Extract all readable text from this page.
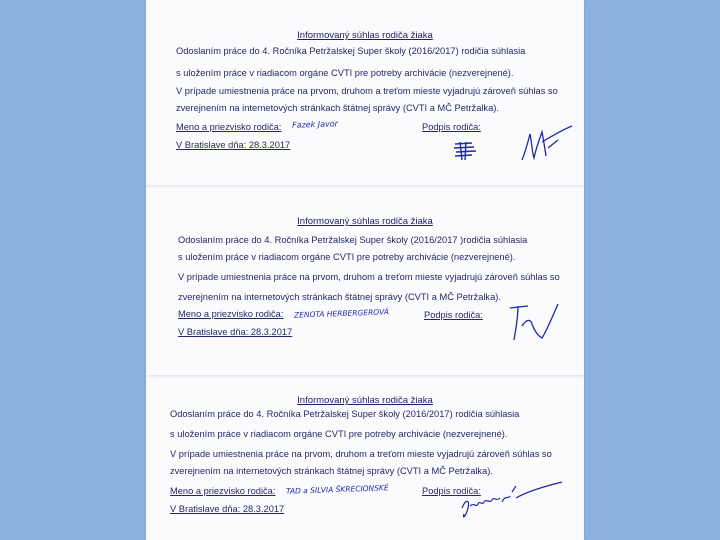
Informovaný súhlas rodiča žiaka
Odoslaním práce do 4. Ročníka Petržalskej Super školy (2016/2017) rodičia súhlasia
s uložením práce v riadiacom orgáne CVTI pre potreby archivácie (nezverejnené).
V prípade umiestnenia práce na prvom, druhom a treťom mieste vyjadrujú zároveň súhlas so
zverejnením na internetových stránkach štátnej správy (CVTI a MČ Petržalka).
Meno a priezvisko rodiča: Fazek Javor	Podpis rodiča:
V Bratislave dňa: 28.3.2017
Informovaný súhlas rodiča žiaka
Odoslaním práce do 4. Ročníka Petržalskej Super školy (2016/2017 )rodičia súhlasia
s uložením práce v riadiacom orgáne CVTI pre potreby archivácie (nezverejnené).
V prípade umiestnenia práce na prvom, druhom a treťom mieste vyjadrujú zároveň súhlas so
zverejnením na internetových stránkach štátnej správy (CVTI a MČ Petržalka).
Meno a priezvisko rodiča: ZENOTA HERBERGEROVÁ	Podpis rodiča:
V Bratislave dňa: 28.3.2017
Informovaný súhlas rodiča žiaka
Odoslaním práce do 4. Ročníka Petržalskej Super školy (2016/2017) rodičia súhlasia
s uložením práce v riadiacom orgáne CVTI pre potreby archivácie (nezverejnené).
V prípade umiestnenia práce na prvom, druhom a treťom mieste vyjadrujú zároveň súhlas so
zverejnením na internetových stránkach štátnej správy (CVTI a MČ Petržalka).
Meno a priezvisko rodiča: TAD a SILVIA ŠKRECIONSKÉ	Podpis rodiča:
V Bratislave dňa: 28.3.2017
